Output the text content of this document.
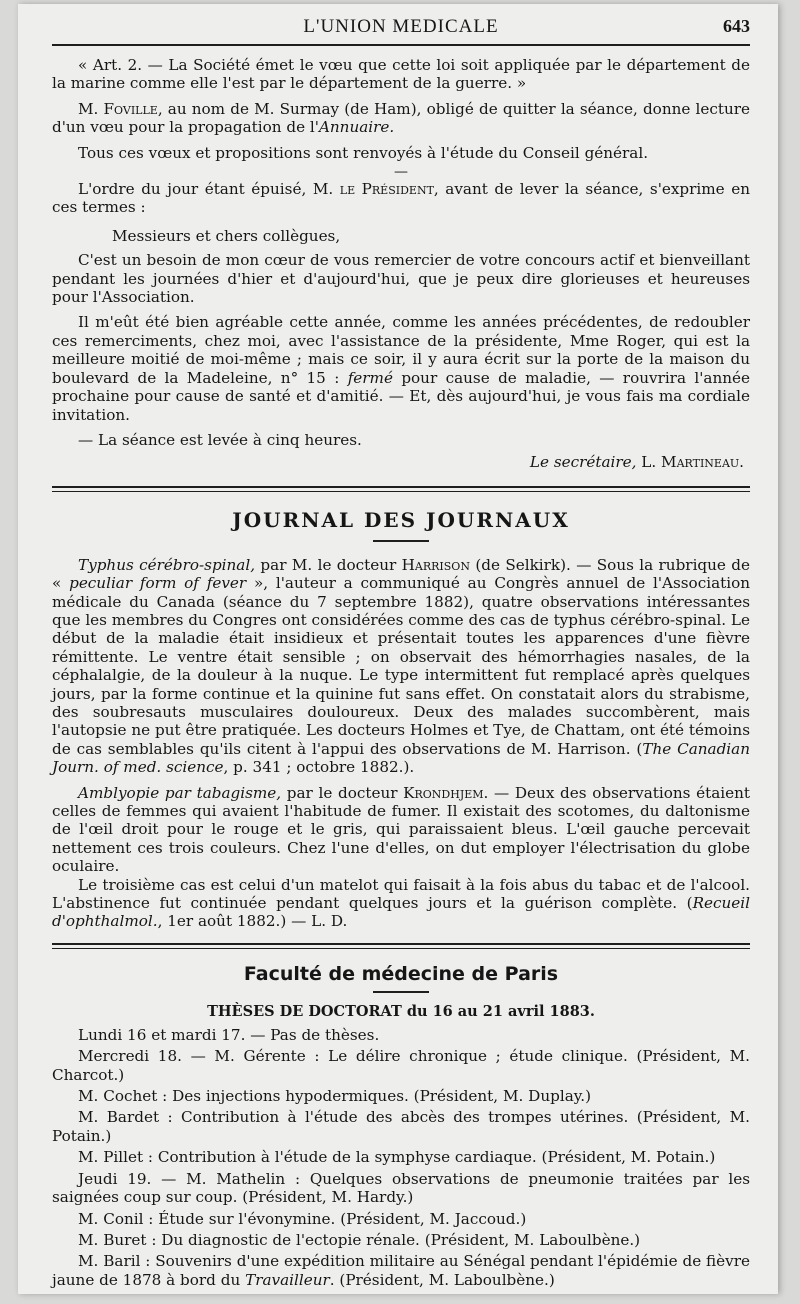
L'UNION MEDICALE	643

« Art. 2. — La Société émet le vœu que cette loi soit appliquée par le département de la marine comme elle l'est par le département de la guerre. »

M. Foville, au nom de M. Surmay (de Ham), obligé de quitter la séance, donne lecture d'un vœu pour la propagation de l'Annuaire.

Tous ces vœux et propositions sont renvoyés à l'étude du Conseil général.

—

L'ordre du jour étant épuisé, M. le Président, avant de lever la séance, s'exprime en ces termes :

Messieurs et chers collègues,

C'est un besoin de mon cœur de vous remercier de votre concours actif et bienveillant pendant les journées d'hier et d'aujourd'hui, que je peux dire glorieuses et heureuses pour l'Association.

Il m'eût été bien agréable cette année, comme les années précédentes, de redoubler ces remerciments, chez moi, avec l'assistance de la présidente, Mme Roger, qui est la meilleure moitié de moi-même ; mais ce soir, il y aura écrit sur la porte de la maison du boulevard de la Madeleine, n° 15 : fermé pour cause de maladie, — rouvrira l'année prochaine pour cause de santé et d'amitié. — Et, dès aujourd'hui, je vous fais ma cordiale invitation.

— La séance est levée à cinq heures.

Le secrétaire, L. Martineau.

JOURNAL DES JOURNAUX

Typhus cérébro-spinal, par M. le docteur Harrison (de Selkirk). — Sous la rubrique de « peculiar form of fever », l'auteur a communiqué au Congrès annuel de l'Association médicale du Canada (séance du 7 septembre 1882), quatre observations intéressantes que les membres du Congres ont considérées comme des cas de typhus cérébro-spinal. Le début de la maladie était insidieux et présentait toutes les apparences d'une fièvre rémittente. Le ventre était sensible ; on observait des hémorrhagies nasales, de la céphalalgie, de la douleur à la nuque. Le type intermittent fut remplacé après quelques jours, par la forme continue et la quinine fut sans effet. On constatait alors du strabisme, des soubresauts musculaires douloureux. Deux des malades succombèrent, mais l'autopsie ne put être pratiquée. Les docteurs Holmes et Tye, de Chattam, ont été témoins de cas semblables qu'ils citent à l'appui des observations de M. Harrison. (The Canadian Journ. of med. science, p. 341 ; octobre 1882.).

Amblyopie par tabagisme, par le docteur Krondhjem. — Deux des observations étaient celles de femmes qui avaient l'habitude de fumer. Il existait des scotomes, du daltonisme de l'œil droit pour le rouge et le gris, qui paraissaient bleus. L'œil gauche percevait nettement ces trois couleurs. Chez l'une d'elles, on dut employer l'électrisation du globe oculaire.

Le troisième cas est celui d'un matelot qui faisait à la fois abus du tabac et de l'alcool. L'abstinence fut continuée pendant quelques jours et la guérison complète. (Recueil d'ophthalmol., 1er août 1882.) — L. D.

Faculté de médecine de Paris
THÈSES DE DOCTORAT du 16 au 21 avril 1883.

Lundi 16 et mardi 17. — Pas de thèses.

Mercredi 18. — M. Gérente : Le délire chronique ; étude clinique. (Président, M. Charcot.)

M. Cochet : Des injections hypodermiques. (Président, M. Duplay.)

M. Bardet : Contribution à l'étude des abcès des trompes utérines. (Président, M. Potain.)

M. Pillet : Contribution à l'étude de la symphyse cardiaque. (Président, M. Potain.)

Jeudi 19. — M. Mathelin : Quelques observations de pneumonie traitées par les saignées coup sur coup. (Président, M. Hardy.)

M. Conil : Étude sur l'évonymine. (Président, M. Jaccoud.)

M. Buret : Du diagnostic de l'ectopie rénale. (Président, M. Laboulbène.)

M. Baril : Souvenirs d'une expédition militaire au Sénégal pendant l'épidémie de fièvre jaune de 1878 à bord du Travailleur. (Président, M. Laboulbène.)
